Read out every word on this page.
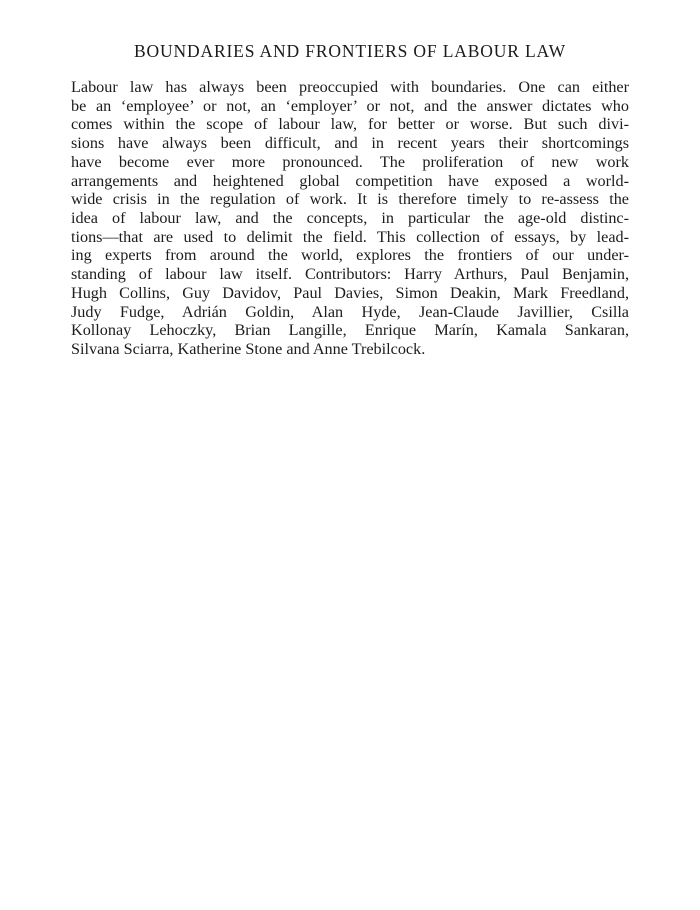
BOUNDARIES AND FRONTIERS OF LABOUR LAW
Labour law has always been preoccupied with boundaries. One can either
be an ‘employee’ or not, an ‘employer’ or not, and the answer dictates who
comes within the scope of labour law, for better or worse. But such divi-
sions have always been difficult, and in recent years their shortcomings
have become ever more pronounced. The proliferation of new work
arrangements and heightened global competition have exposed a world-
wide crisis in the regulation of work. It is therefore timely to re-assess the
idea of labour law, and the concepts, in particular the age-old distinc-
tions—that are used to delimit the field. This collection of essays, by lead-
ing experts from around the world, explores the frontiers of our under-
standing of labour law itself. Contributors: Harry Arthurs, Paul Benjamin,
Hugh Collins, Guy Davidov, Paul Davies, Simon Deakin, Mark Freedland,
Judy Fudge, Adrián Goldin, Alan Hyde, Jean-Claude Javillier, Csilla
Kollonay Lehoczky, Brian Langille, Enrique Marín, Kamala Sankaran,
Silvana Sciarra, Katherine Stone and Anne Trebilcock.
